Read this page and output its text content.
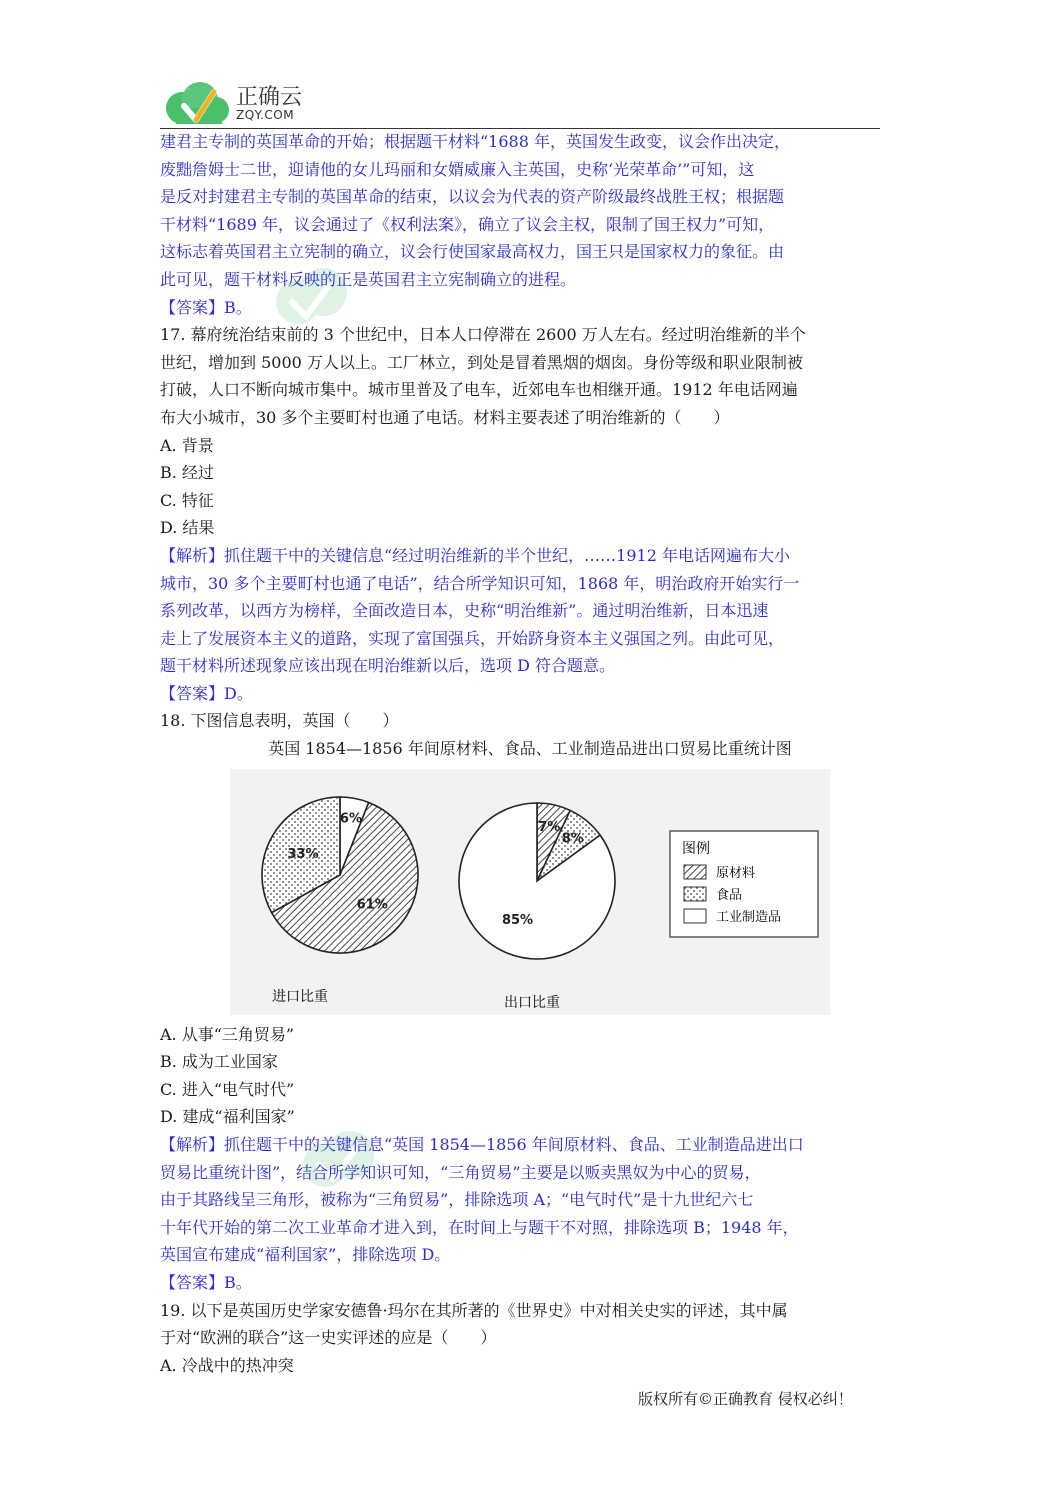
正确云
ZQY.COM

建君主专制的英国革命的开始；根据题干材料“1688 年，英国发生政变，议会作出决定，

废黜詹姆士二世，迎请他的女儿玛丽和女婿威廉入主英国，史称‘光荣革命’”可知，这

是反对封建君主专制的英国革命的结束，以议会为代表的资产阶级最终战胜王权；根据题

干材料“1689 年，议会通过了《权利法案》，确立了议会主权，限制了国王权力”可知，

这标志着英国君主立宪制的确立，议会行使国家最高权力，国王只是国家权力的象征。由

此可见，题干材料反映的正是英国君主立宪制确立的进程。

【答案】B。

17. 幕府统治结束前的 3 个世纪中，日本人口停滞在 2600 万人左右。经过明治维新的半个

世纪，增加到 5000 万人以上。工厂林立，到处是冒着黑烟的烟囱。身份等级和职业限制被

打破，人口不断向城市集中。城市里普及了电车，近郊电车也相继开通。1912 年电话网遍

布大小城市，30 多个主要町村也通了电话。材料主要表述了明治维新的（　　）

A. 背景

B. 经过

C. 特征

D. 结果

【解析】抓住题干中的关键信息“经过明治维新的半个世纪，……1912 年电话网遍布大小

城市，30 多个主要町村也通了电话”，结合所学知识可知，1868 年，明治政府开始实行一

系列改革，以西方为榜样，全面改造日本，史称“明治维新”。通过明治维新，日本迅速

走上了发展资本主义的道路，实现了富国强兵，开始跻身资本主义强国之列。由此可见，

题干材料所述现象应该出现在明治维新以后，选项 D 符合题意。

【答案】D。

18. 下图信息表明，英国（　　）

英国 1854—1856 年间原材料、食品、工业制造品进出口贸易比重统计图

6%
61%
33%
7%
8%
85%
图例
原材料
食品
工业制造品
进口比重	出口比重

A. 从事“三角贸易”

B. 成为工业国家

C. 进入“电气时代”

D. 建成“福利国家”

【解析】抓住题干中的关键信息“英国 1854—1856 年间原材料、食品、工业制造品进出口

贸易比重统计图”，结合所学知识可知，“三角贸易”主要是以贩卖黑奴为中心的贸易，

由于其路线呈三角形，被称为“三角贸易”，排除选项 A；“电气时代”是十九世纪六七

十年代开始的第二次工业革命才进入到，在时间上与题干不对照，排除选项 B；1948 年，

英国宣布建成“福利国家”，排除选项 D。

【答案】B。

19. 以下是英国历史学家安德鲁·玛尔在其所著的《世界史》中对相关史实的评述，其中属

于对“欧洲的联合”这一史实评述的应是（　　）

A. 冷战中的热冲突

版权所有©正确教育 侵权必纠！
